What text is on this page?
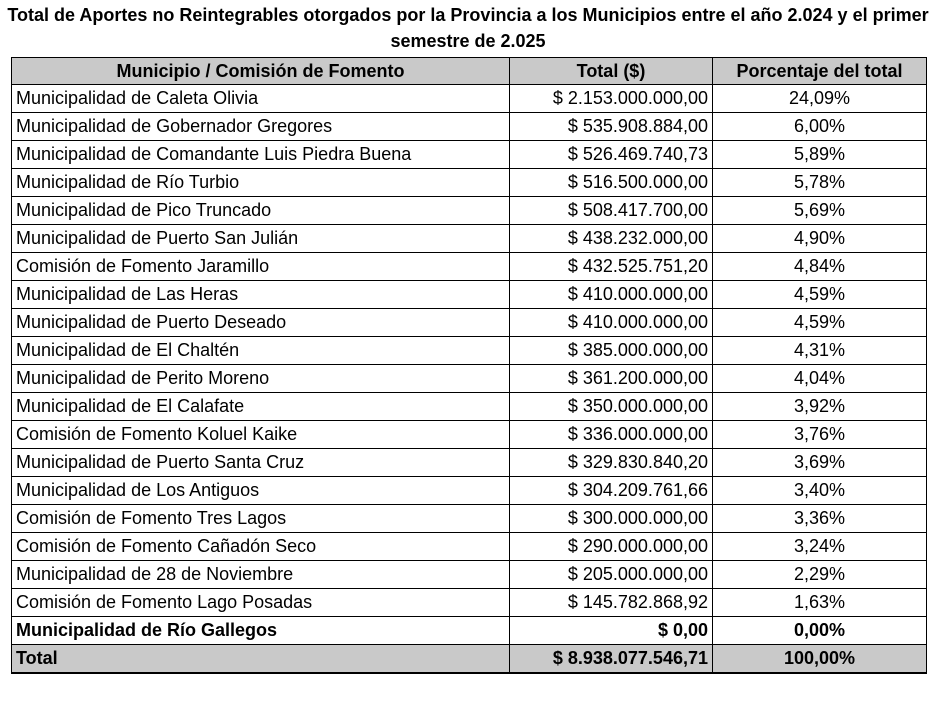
Total de Aportes no Reintegrables otorgados por la Provincia a los Municipios entre el año 2.024 y el primer semestre de 2.025
Municipio / Comisión de Fomento	Total ($)	Porcentaje del total
Municipalidad de Caleta Olivia	$ 2.153.000.000,00	24,09%
Municipalidad de Gobernador Gregores	$ 535.908.884,00	6,00%
Municipalidad de Comandante Luis Piedra Buena	$ 526.469.740,73	5,89%
Municipalidad de Río Turbio	$ 516.500.000,00	5,78%
Municipalidad de Pico Truncado	$ 508.417.700,00	5,69%
Municipalidad de Puerto San Julián	$ 438.232.000,00	4,90%
Comisión de Fomento Jaramillo	$ 432.525.751,20	4,84%
Municipalidad de Las Heras	$ 410.000.000,00	4,59%
Municipalidad de Puerto Deseado	$ 410.000.000,00	4,59%
Municipalidad de El Chaltén	$ 385.000.000,00	4,31%
Municipalidad de Perito Moreno	$ 361.200.000,00	4,04%
Municipalidad de El Calafate	$ 350.000.000,00	3,92%
Comisión de Fomento Koluel Kaike	$ 336.000.000,00	3,76%
Municipalidad de Puerto Santa Cruz	$ 329.830.840,20	3,69%
Municipalidad de Los Antiguos	$ 304.209.761,66	3,40%
Comisión de Fomento Tres Lagos	$ 300.000.000,00	3,36%
Comisión de Fomento Cañadón Seco	$ 290.000.000,00	3,24%
Municipalidad de 28 de Noviembre	$ 205.000.000,00	2,29%
Comisión de Fomento Lago Posadas	$ 145.782.868,92	1,63%
Municipalidad de Río Gallegos	$ 0,00	0,00%
Total	$ 8.938.077.546,71	100,00%
